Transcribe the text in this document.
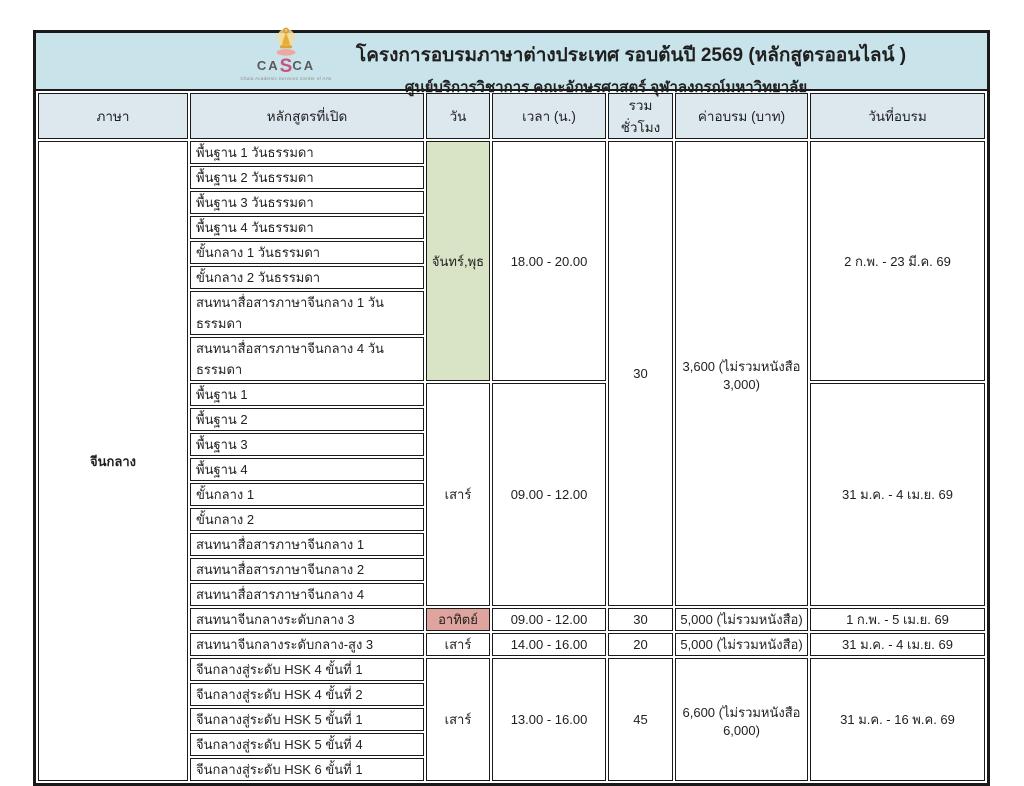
CASCA
Chula Academic Services Center of Arts
โครงการอบรมภาษาต่างประเทศ รอบต้นปี 2569 (หลักสูตรออนไลน์ )
ศูนย์บริการวิชาการ คณะอักษรศาสตร์ จุฬาลงกรณ์มหาวิทยาลัย
ภาษา	หลักสูตรที่เปิด	วัน	เวลา (น.)	รวมชั่วโมง	ค่าอบรม (บาท)	วันที่อบรม
จีนกลาง	พื้นฐาน 1 วันธรรมดา	จันทร์,พุธ	18.00 - 20.00	30	3,600 (ไม่รวมหนังสือ 3,000)	2 ก.พ. - 23 มี.ค. 69
	พื้นฐาน 2 วันธรรมดา					
	พื้นฐาน 3 วันธรรมดา					
	พื้นฐาน 4 วันธรรมดา					
	ขั้นกลาง 1 วันธรรมดา					
	ขั้นกลาง 2 วันธรรมดา					
	สนทนาสื่อสารภาษาจีนกลาง 1 วันธรรมดา					
	สนทนาสื่อสารภาษาจีนกลาง 4 วันธรรมดา					
	พื้นฐาน 1	เสาร์	09.00 - 12.00			31 ม.ค. - 4 เม.ย. 69
	พื้นฐาน 2					
	พื้นฐาน 3					
	พื้นฐาน 4					
	ขั้นกลาง 1					
	ขั้นกลาง 2					
	สนทนาสื่อสารภาษาจีนกลาง 1					
	สนทนาสื่อสารภาษาจีนกลาง 2					
	สนทนาสื่อสารภาษาจีนกลาง 4					
	สนทนาจีนกลางระดับกลาง 3	อาทิตย์	09.00 - 12.00	30	5,000 (ไม่รวมหนังสือ)	1 ก.พ. - 5 เม.ย. 69
	สนทนาจีนกลางระดับกลาง-สูง 3	เสาร์	14.00 - 16.00	20	5,000 (ไม่รวมหนังสือ)	31 ม.ค. - 4 เม.ย. 69
	จีนกลางสู่ระดับ HSK 4 ขั้นที่ 1	เสาร์	13.00 - 16.00	45	6,600 (ไม่รวมหนังสือ 6,000)	31 ม.ค. - 16 พ.ค. 69
	จีนกลางสู่ระดับ HSK 4 ขั้นที่ 2					
	จีนกลางสู่ระดับ HSK 5 ขั้นที่ 1					
	จีนกลางสู่ระดับ HSK 5 ขั้นที่ 4					
	จีนกลางสู่ระดับ HSK 6 ขั้นที่ 1					
